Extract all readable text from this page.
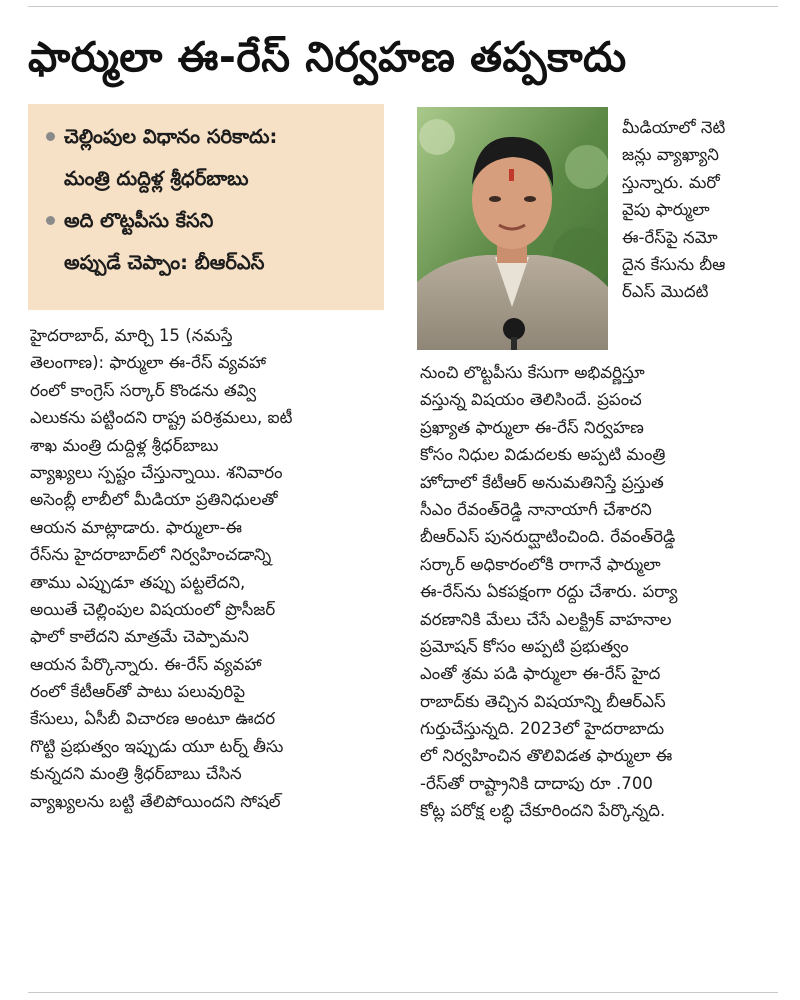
ఫార్ములా ఈ-రేస్ నిర్వహణ తప్పకాదు
చెల్లింపుల విధానం సరికాదు:
మంత్రి దుద్దిళ్ల శ్రీధర్‌బాబు
అది లొట్టపీసు కేసని
అప్పుడే చెప్పాం: బీఆర్‌ఎస్
హైదరాబాద్, మార్చి 15 (నమస్తే
తెలంగాణ): ఫార్ములా ఈ-రేస్ వ్యవహా
రంలో కాంగ్రెస్ సర్కార్ కొండను తవ్వి
ఎలుకను పట్టిందని రాష్ట్ర పరిశ్రమలు, ఐటీ
శాఖ మంత్రి దుద్దిళ్ల శ్రీధర్‌బాబు
వ్యాఖ్యలు స్పష్టం చేస్తున్నాయి. శనివారం
అసెంబ్లీ లాబీలో మీడియా ప్రతినిధులతో
ఆయన మాట్లాడారు. ఫార్ములా-ఈ
రేస్‌ను హైదరాబాద్‌లో నిర్వహించడాన్ని
తాము ఎప్పుడూ తప్పు పట్టలేదని,
అయితే చెల్లింపుల విషయంలో ప్రొసీజర్
ఫాలో కాలేదని మాత్రమే చెప్పామని
ఆయన పేర్కొన్నారు. ఈ-రేస్ వ్యవహా
రంలో కేటీఆర్‌తో పాటు పలువురిపై
కేసులు, ఏసీబీ విచారణ అంటూ ఊదర
గొట్టి ప్రభుత్వం ఇప్పుడు యూ టర్న్ తీసు
కున్నదని మంత్రి శ్రీధర్‌బాబు చేసిన
వ్యాఖ్యలను బట్టి తేలిపోయిందని సోషల్
మీడియాలో నెటి
జన్లు వ్యాఖ్యాని
స్తున్నారు. మరో
వైపు ఫార్ములా
ఈ-రేస్‌పై నమో
దైన కేసును బీఆ
ర్‌ఎస్ మొదటి
నుంచి లొట్టపీసు కేసుగా అభివర్ణిస్తూ
వస్తున్న విషయం తెలిసిందే. ప్రపంచ
ప్రఖ్యాత ఫార్ములా ఈ-రేస్ నిర్వహణ
కోసం నిధుల విడుదలకు అప్పటి మంత్రి
హోదాలో కేటీఆర్ అనుమతినిస్తే ప్రస్తుత
సీఎం రేవంత్‌రెడ్డి నానాయాగీ చేశారని
బీఆర్‌ఎస్ పునరుద్ఘాటించింది. రేవంత్‌రెడ్డి
సర్కార్ అధికారంలోకి రాగానే ఫార్ములా
ఈ-రేస్‌ను ఏకపక్షంగా రద్దు చేశారు. పర్యా
వరణానికి మేలు చేసే ఎలక్ట్రిక్ వాహనాల
ప్రమోషన్ కోసం అప్పటి ప్రభుత్వం
ఎంతో శ్రమ పడి ఫార్ములా ఈ-రేస్ హైద
రాబాద్‌కు తెచ్చిన విషయాన్ని బీఆర్‌ఎస్
గుర్తుచేస్తున్నది. 2023లో హైదరాబాదు
లో నిర్వహించిన తొలివిడత ఫార్ములా ఈ
-రేస్‌తో రాష్ట్రానికి దాదాపు రూ .700
కోట్ల పరోక్ష లబ్ధి చేకూరిందని పేర్కొన్నది.
